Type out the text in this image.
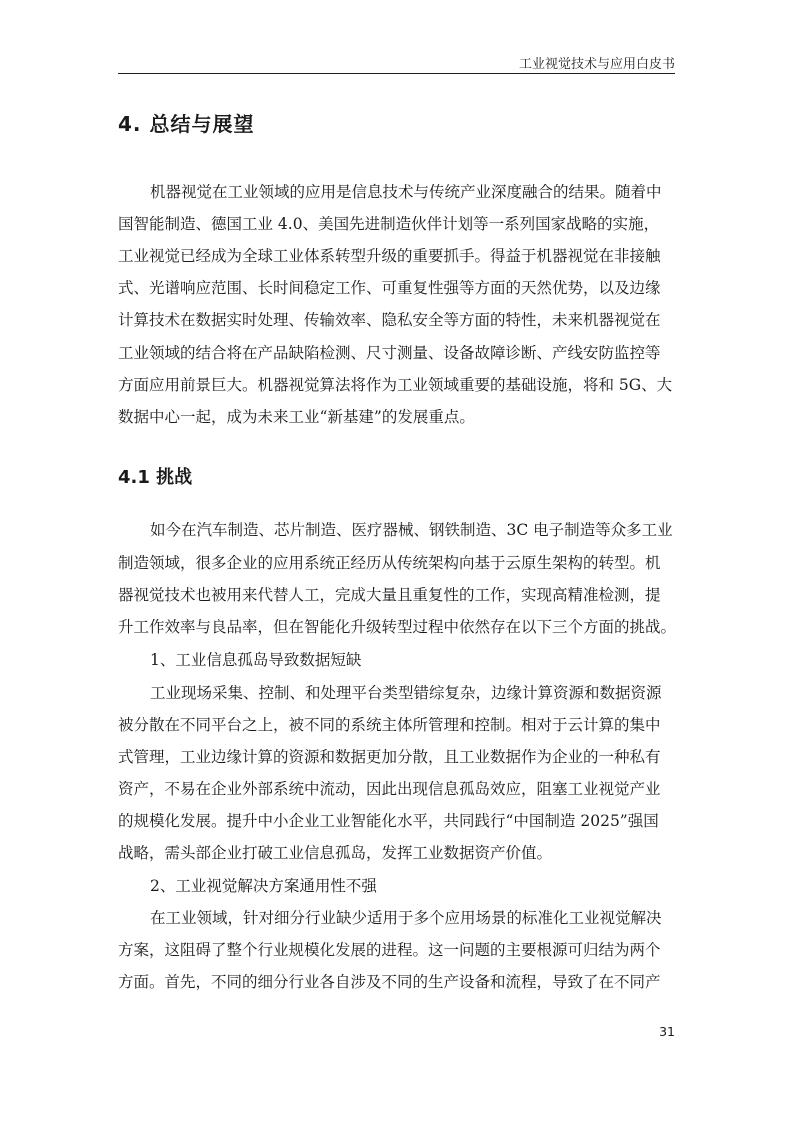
工业视觉技术与应用白皮书
4. 总结与展望
机器视觉在工业领域的应用是信息技术与传统产业深度融合的结果。随着中
国智能制造、德国工业 4.0、美国先进制造伙伴计划等一系列国家战略的实施，
工业视觉已经成为全球工业体系转型升级的重要抓手。得益于机器视觉在非接触
式、光谱响应范围、长时间稳定工作、可重复性强等方面的天然优势，以及边缘
计算技术在数据实时处理、传输效率、隐私安全等方面的特性，未来机器视觉在
工业领域的结合将在产品缺陷检测、尺寸测量、设备故障诊断、产线安防监控等
方面应用前景巨大。机器视觉算法将作为工业领域重要的基础设施，将和 5G、大
数据中心一起，成为未来工业“新基建”的发展重点。
4.1 挑战
如今在汽车制造、芯片制造、医疗器械、钢铁制造、3C 电子制造等众多工业
制造领域，很多企业的应用系统正经历从传统架构向基于云原生架构的转型。机
器视觉技术也被用来代替人工，完成大量且重复性的工作，实现高精准检测，提
升工作效率与良品率，但在智能化升级转型过程中依然存在以下三个方面的挑战。
1、工业信息孤岛导致数据短缺
工业现场采集、控制、和处理平台类型错综复杂，边缘计算资源和数据资源
被分散在不同平台之上，被不同的系统主体所管理和控制。相对于云计算的集中
式管理，工业边缘计算的资源和数据更加分散，且工业数据作为企业的一种私有
资产，不易在企业外部系统中流动，因此出现信息孤岛效应，阻塞工业视觉产业
的规模化发展。提升中小企业工业智能化水平，共同践行“中国制造 2025”强国
战略，需头部企业打破工业信息孤岛，发挥工业数据资产价值。
2、工业视觉解决方案通用性不强
在工业领域，针对细分行业缺少适用于多个应用场景的标准化工业视觉解决
方案，这阻碍了整个行业规模化发展的进程。这一问题的主要根源可归结为两个
方面。首先，不同的细分行业各自涉及不同的生产设备和流程，导致了在不同产
31
